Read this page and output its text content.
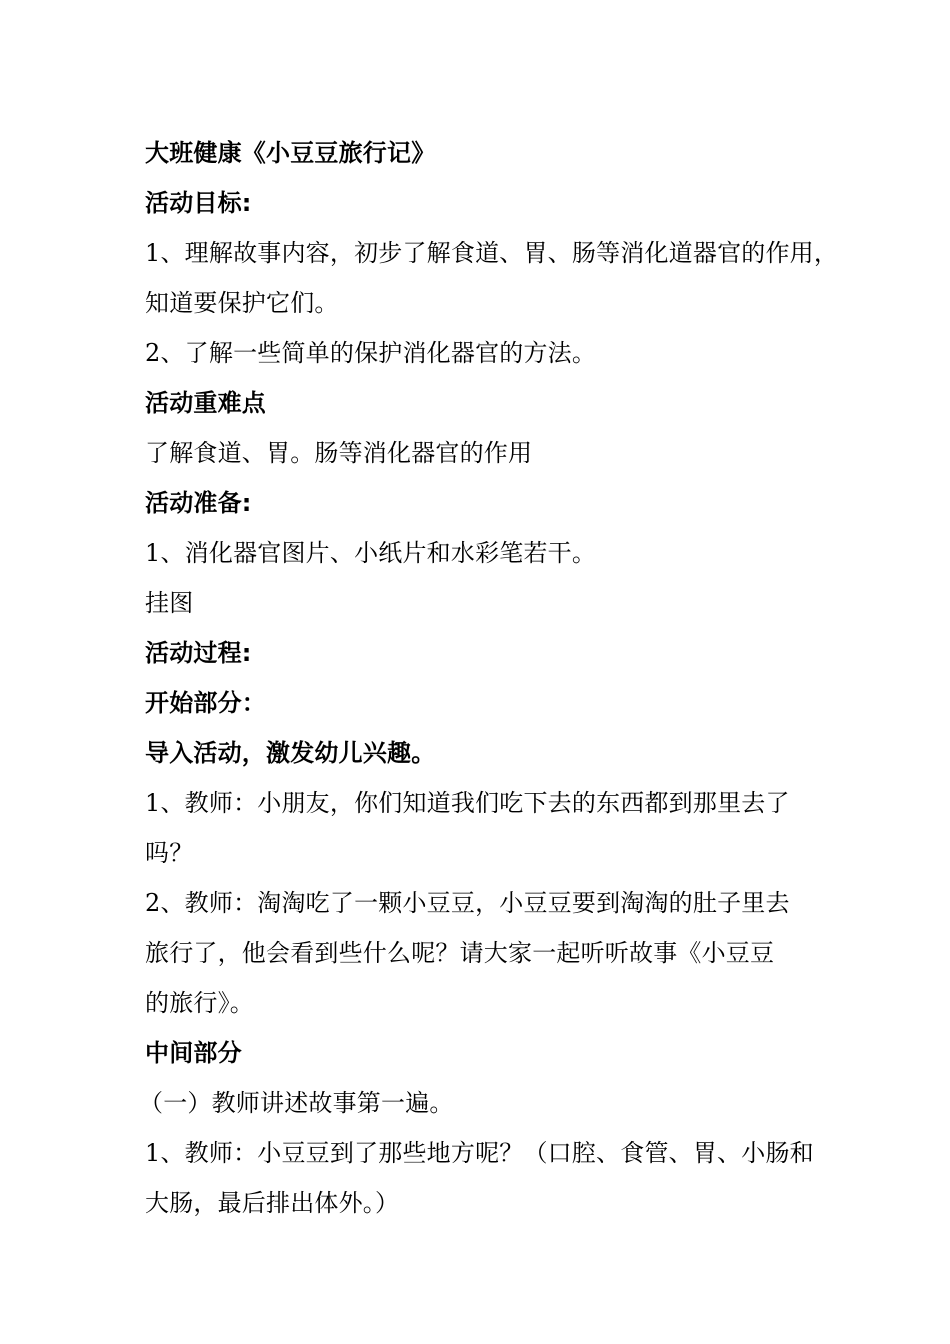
大班健康《小豆豆旅行记》
活动目标:
1、理解故事内容，初步了解食道、胃、肠等消化道器官的作用，
知道要保护它们。
2、了解一些简单的保护消化器官的方法。
活动重难点
了解食道、胃。肠等消化器官的作用
活动准备:
1、消化器官图片、小纸片和水彩笔若干。
挂图
活动过程:
开始部分：
导入活动，激发幼儿兴趣。
1、教师：小朋友，你们知道我们吃下去的东西都到那里去了
吗？
2、教师：淘淘吃了一颗小豆豆，小豆豆要到淘淘的肚子里去
旅行了，他会看到些什么呢？请大家一起听听故事《小豆豆
的旅行》。
中间部分
（一）教师讲述故事第一遍。
1、教师：小豆豆到了那些地方呢？（口腔、食管、胃、小肠和
大肠，最后排出体外。）
